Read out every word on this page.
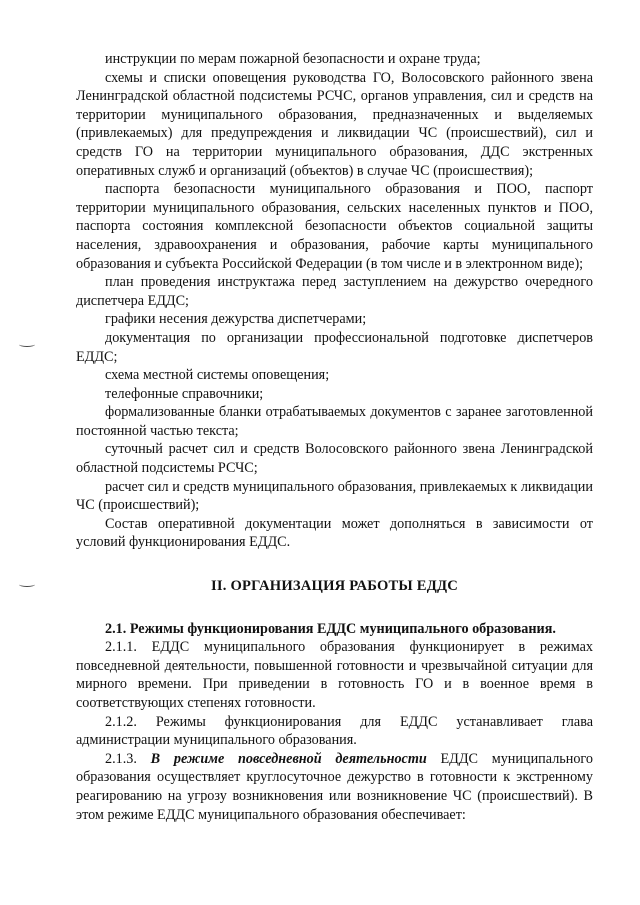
инструкции по мерам пожарной безопасности и охране труда;

схемы и списки оповещения руководства ГО, Волосовского районного звена Ленинградской областной подсистемы РСЧС, органов управления, сил и средств на территории муниципального образования, предназначенных и выделяемых (привлекаемых) для предупреждения и ликвидации ЧС (происшествий), сил и средств ГО на территории муниципального образования, ДДС экстренных оперативных служб и организаций (объектов) в случае ЧС (происшествия);

паспорта безопасности муниципального образования и ПОО, паспорт территории муниципального образования, сельских населенных пунктов и ПОО, паспорта состояния комплексной безопасности объектов социальной защиты населения, здравоохранения и образования, рабочие карты муниципального образования и субъекта Российской Федерации (в том числе и в электронном виде);

план проведения инструктажа перед заступлением на дежурство очередного диспетчера ЕДДС;

графики несения дежурства диспетчерами;

документация по организации профессиональной подготовке диспетчеров ЕДДС;

схема местной системы оповещения;

телефонные справочники;

формализованные бланки отрабатываемых документов с заранее заготовленной постоянной частью текста;

суточный расчет сил и средств Волосовского районного звена Ленинградской областной подсистемы РСЧС;

расчет сил и средств муниципального образования, привлекаемых к ликвидации ЧС (происшествий);

Состав оперативной документации может дополняться в зависимости от условий функционирования ЕДДС.

II. ОРГАНИЗАЦИЯ РАБОТЫ ЕДДС

2.1. Режимы функционирования ЕДДС муниципального образования.

2.1.1. ЕДДС муниципального образования функционирует в режимах повседневной деятельности, повышенной готовности и чрезвычайной ситуации для мирного времени. При приведении в готовность ГО и в военное время в соответствующих степенях готовности.

2.1.2. Режимы функционирования для ЕДДС устанавливает глава администрации муниципального образования.

2.1.3. В режиме повседневной деятельности ЕДДС муниципального образования осуществляет круглосуточное дежурство в готовности к экстренному реагированию на угрозу возникновения или возникновение ЧС (происшествий). В этом режиме ЕДДС муниципального образования обеспечивает:
